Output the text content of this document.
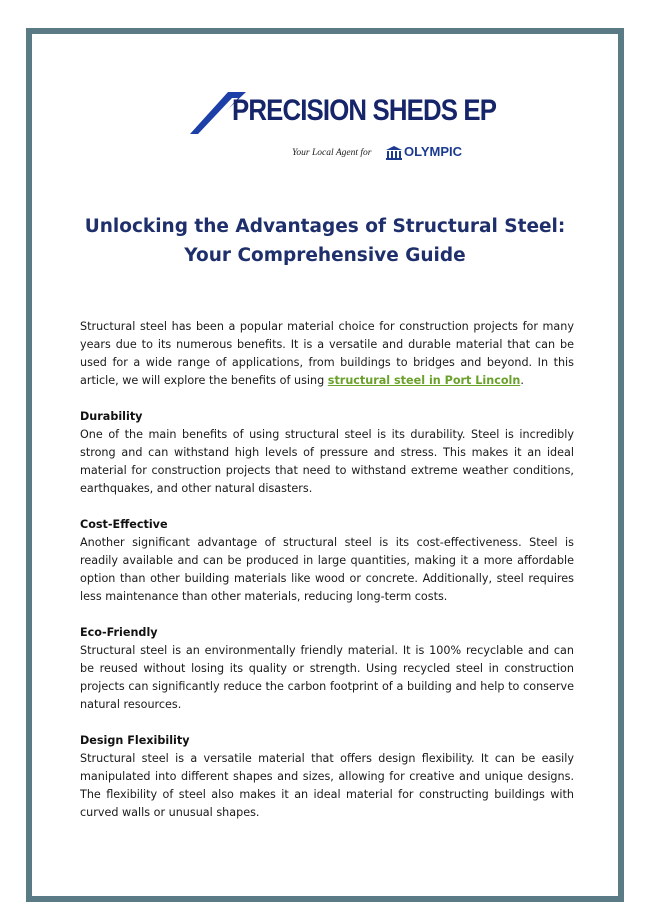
PRECISION SHEDS EP
Your Local Agent for	OLYMPIC
Unlocking the Advantages of Structural Steel:
Your Comprehensive Guide

Structural steel has been a popular material choice for construction projects for many years due to its numerous benefits. It is a versatile and durable material that can be used for a wide range of applications, from buildings to bridges and beyond. In this article, we will explore the benefits of using structural steel in Port Lincoln.

Durability

One of the main benefits of using structural steel is its durability. Steel is incredibly strong and can withstand high levels of pressure and stress. This makes it an ideal material for construction projects that need to withstand extreme weather conditions, earthquakes, and other natural disasters.

Cost-Effective

Another significant advantage of structural steel is its cost-effectiveness. Steel is readily available and can be produced in large quantities, making it a more affordable option than other building materials like wood or concrete. Additionally, steel requires less maintenance than other materials, reducing long-term costs.

Eco-Friendly

Structural steel is an environmentally friendly material. It is 100% recyclable and can be reused without losing its quality or strength. Using recycled steel in construction projects can significantly reduce the carbon footprint of a building and help to conserve natural resources.

Design Flexibility

Structural steel is a versatile material that offers design flexibility. It can be easily manipulated into different shapes and sizes, allowing for creative and unique designs. The flexibility of steel also makes it an ideal material for constructing buildings with curved walls or unusual shapes.
